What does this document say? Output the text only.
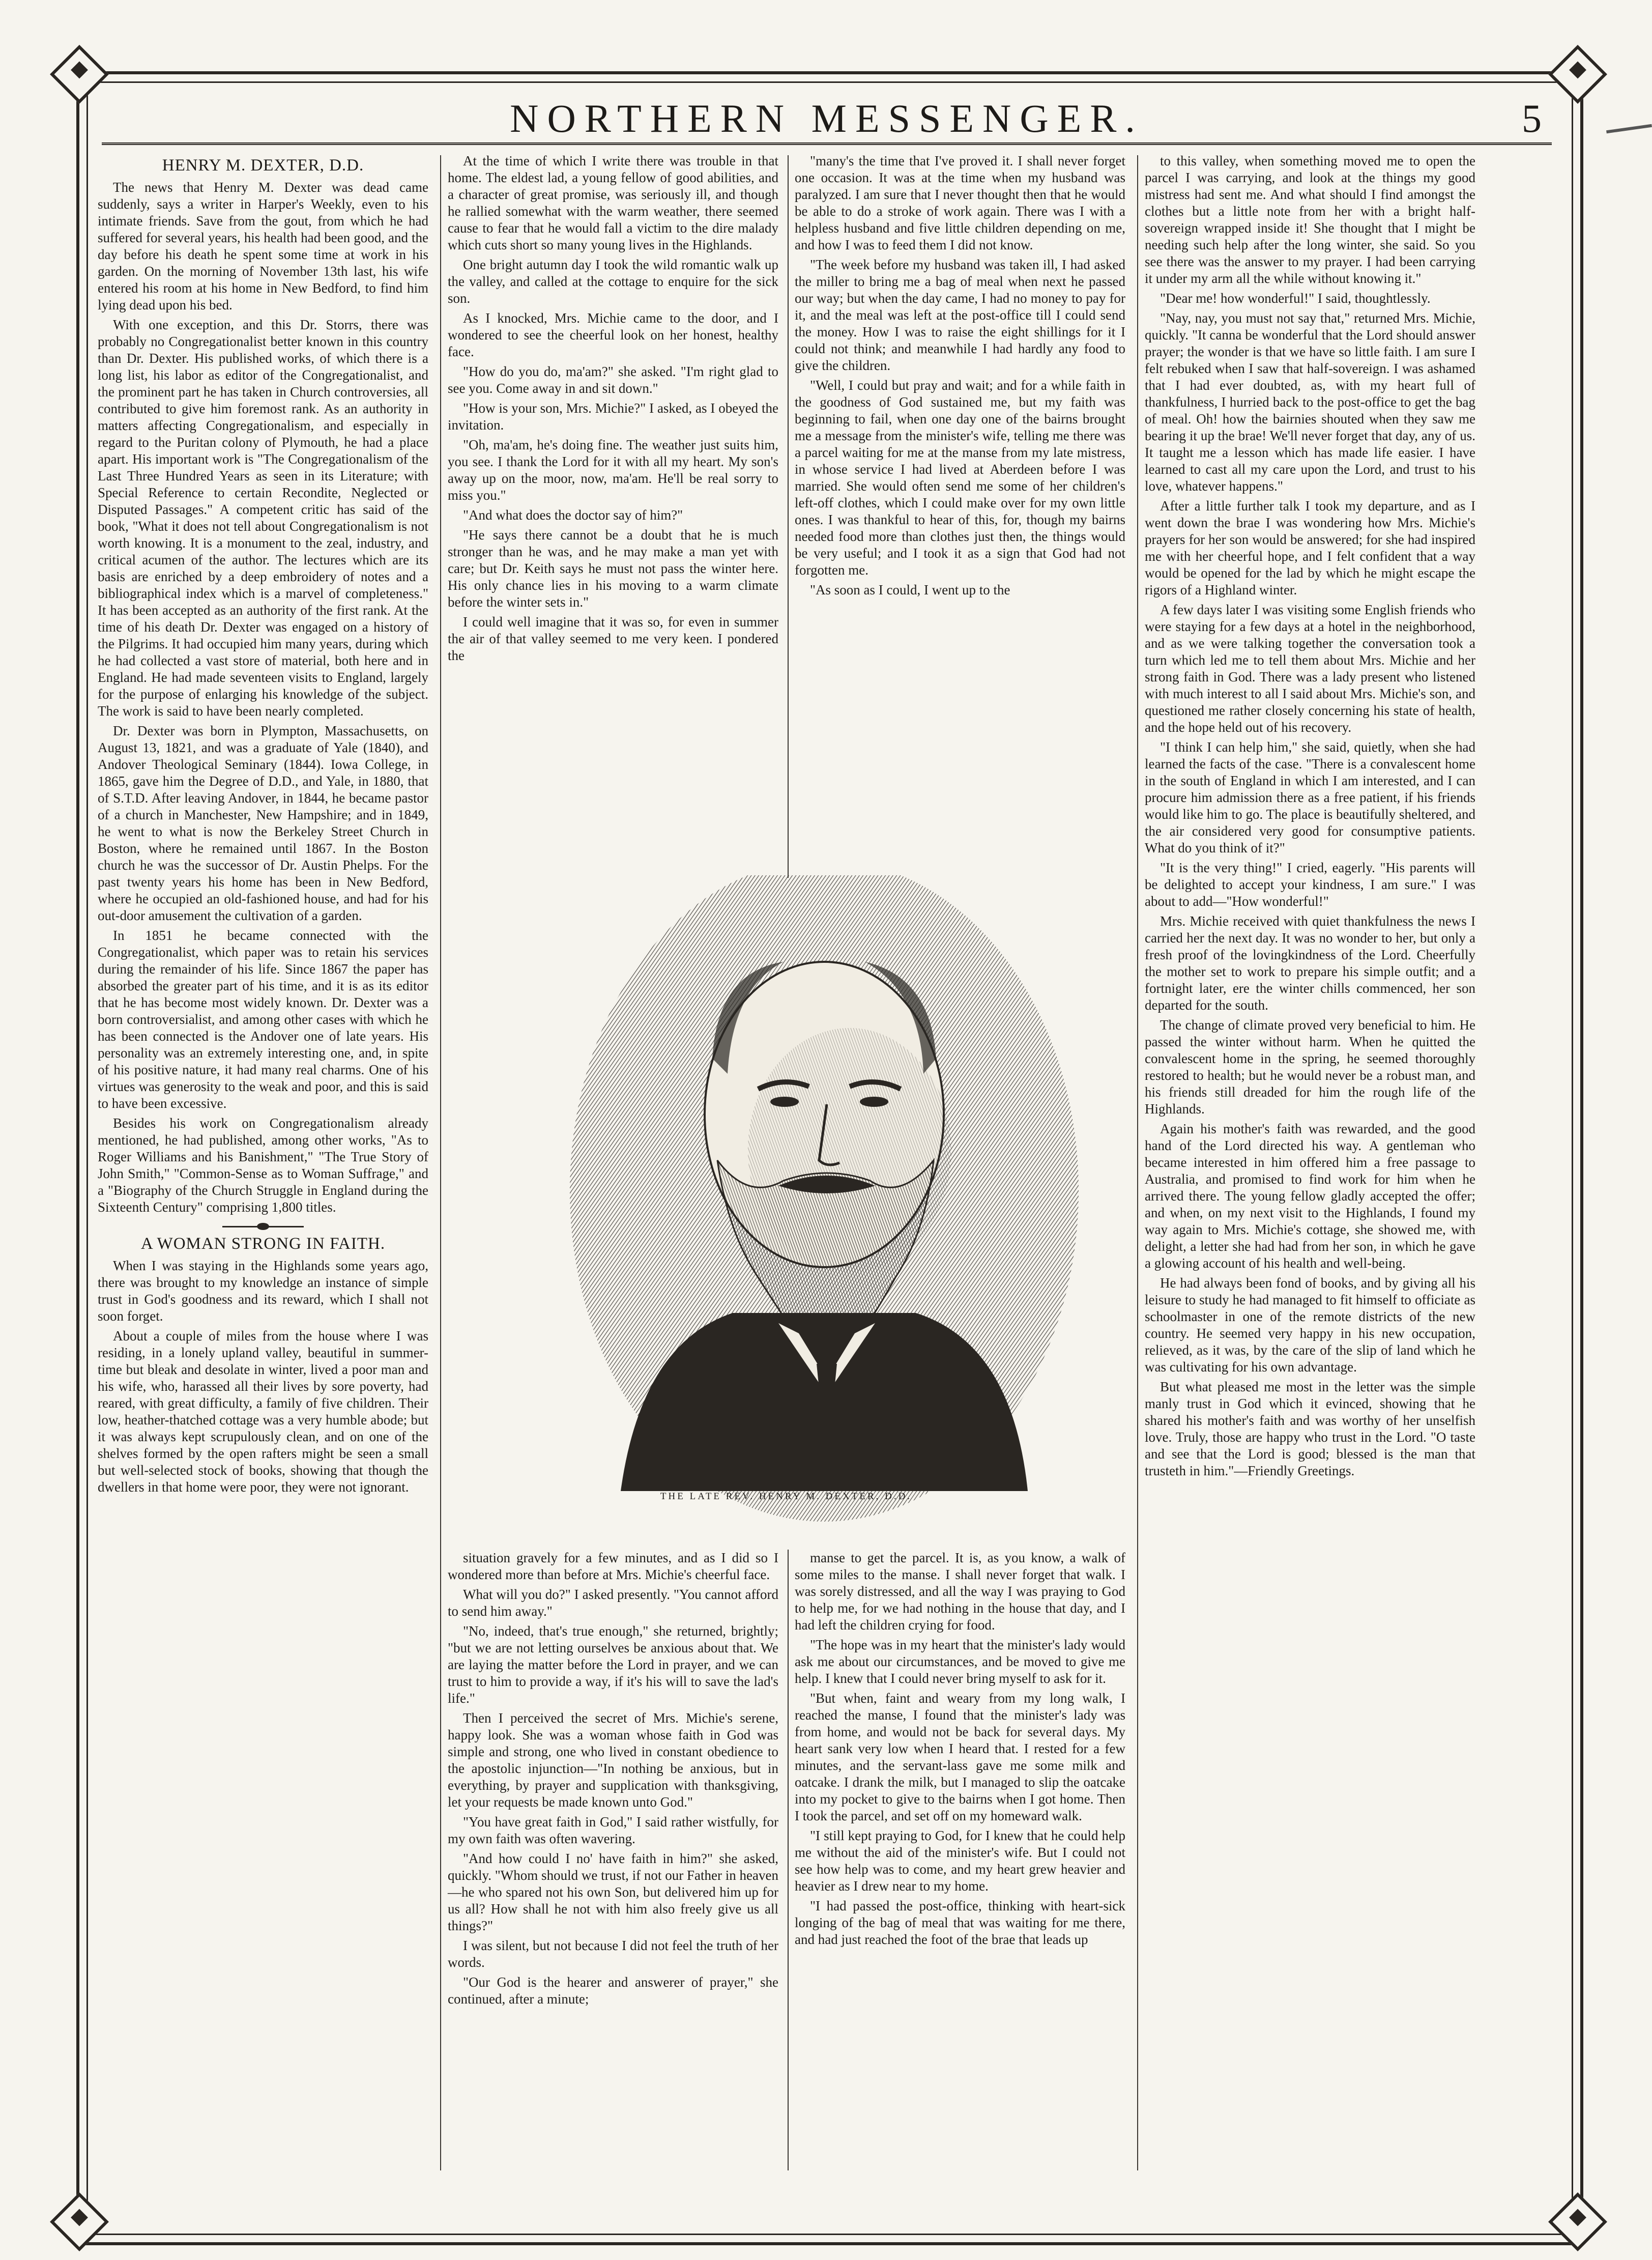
NORTHERN MESSENGER.	5
HENRY M. DEXTER, D.D.

The news that Henry M. Dexter was dead came suddenly, says a writer in Harper's Weekly, even to his intimate friends. Save from the gout, from which he had suffered for several years, his health had been good, and the day before his death he spent some time at work in his garden. On the morning of November 13th last, his wife entered his room at his home in New Bedford, to find him lying dead upon his bed.

With one exception, and this Dr. Storrs, there was probably no Congregationalist better known in this country than Dr. Dexter. His published works, of which there is a long list, his labor as editor of the Congregationalist, and the prominent part he has taken in Church controversies, all contributed to give him foremost rank. As an authority in matters affecting Congregationalism, and especially in regard to the Puritan colony of Plymouth, he had a place apart. His important work is "The Congregationalism of the Last Three Hundred Years as seen in its Literature; with Special Reference to certain Recondite, Neglected or Disputed Passages." A competent critic has said of the book, "What it does not tell about Congregationalism is not worth knowing. It is a monument to the zeal, industry, and critical acumen of the author. The lectures which are its basis are enriched by a deep embroidery of notes and a bibliographical index which is a marvel of completeness." It has been accepted as an authority of the first rank. At the time of his death Dr. Dexter was engaged on a history of the Pilgrims. It had occupied him many years, during which he had collected a vast store of material, both here and in England. He had made seventeen visits to England, largely for the purpose of enlarging his knowledge of the subject. The work is said to have been nearly completed.

Dr. Dexter was born in Plympton, Massachusetts, on August 13, 1821, and was a graduate of Yale (1840), and Andover Theological Seminary (1844). Iowa College, in 1865, gave him the Degree of D.D., and Yale, in 1880, that of S.T.D. After leaving Andover, in 1844, he became pastor of a church in Manchester, New Hampshire; and in 1849, he went to what is now the Berkeley Street Church in Boston, where he remained until 1867. In the Boston church he was the successor of Dr. Austin Phelps. For the past twenty years his home has been in New Bedford, where he occupied an old-fashioned house, and had for his out-door amusement the cultivation of a garden.

In 1851 he became connected with the Congregationalist, which paper was to retain his services during the remainder of his life. Since 1867 the paper has absorbed the greater part of his time, and it is as its editor that he has become most widely known. Dr. Dexter was a born controversialist, and among other cases with which he has been connected is the Andover one of late years. His personality was an extremely interesting one, and, in spite of his positive nature, it had many real charms. One of his virtues was generosity to the weak and poor, and this is said to have been excessive.

Besides his work on Congregationalism already mentioned, he had published, among other works, "As to Roger Williams and his Banishment," "The True Story of John Smith," "Common-Sense as to Woman Suffrage," and a "Biography of the Church Struggle in England during the Sixteenth Century" comprising 1,800 titles.

A WOMAN STRONG IN FAITH.

When I was staying in the Highlands some years ago, there was brought to my knowledge an instance of simple trust in God's goodness and its reward, which I shall not soon forget.

About a couple of miles from the house where I was residing, in a lonely upland valley, beautiful in summer-time but bleak and desolate in winter, lived a poor man and his wife, who, harassed all their lives by sore poverty, had reared, with great difficulty, a family of five children. Their low, heather-thatched cottage was a very humble abode; but it was always kept scrupulously clean, and on one of the shelves formed by the open rafters might be seen a small but well-selected stock of books, showing that though the dwellers in that home were poor, they were not ignorant.

At the time of which I write there was trouble in that home. The eldest lad, a young fellow of good abilities, and a character of great promise, was seriously ill, and though he rallied somewhat with the warm weather, there seemed cause to fear that he would fall a victim to the dire malady which cuts short so many young lives in the Highlands.

One bright autumn day I took the wild romantic walk up the valley, and called at the cottage to enquire for the sick son.

As I knocked, Mrs. Michie came to the door, and I wondered to see the cheerful look on her honest, healthy face.

"How do you do, ma'am?" she asked. "I'm right glad to see you. Come away in and sit down."

"How is your son, Mrs. Michie?" I asked, as I obeyed the invitation.

"Oh, ma'am, he's doing fine. The weather just suits him, you see. I thank the Lord for it with all my heart. My son's away up on the moor, now, ma'am. He'll be real sorry to miss you."

"And what does the doctor say of him?"

"He says there cannot be a doubt that he is much stronger than he was, and he may make a man yet with care; but Dr. Keith says he must not pass the winter here. His only chance lies in his moving to a warm climate before the winter sets in."

I could well imagine that it was so, for even in summer the air of that valley seemed to me very keen. I pondered the

"many's the time that I've proved it. I shall never forget one occasion. It was at the time when my husband was paralyzed. I am sure that I never thought then that he would be able to do a stroke of work again. There was I with a helpless husband and five little children depending on me, and how I was to feed them I did not know.

"The week before my husband was taken ill, I had asked the miller to bring me a bag of meal when next he passed our way; but when the day came, I had no money to pay for it, and the meal was left at the post-office till I could send the money. How I was to raise the eight shillings for it I could not think; and meanwhile I had hardly any food to give the children.

"Well, I could but pray and wait; and for a while faith in the goodness of God sustained me, but my faith was beginning to fail, when one day one of the bairns brought me a message from the minister's wife, telling me there was a parcel waiting for me at the manse from my late mistress, in whose service I had lived at Aberdeen before I was married. She would often send me some of her children's left-off clothes, which I could make over for my own little ones. I was thankful to hear of this, for, though my bairns needed food more than clothes just then, the things would be very useful; and I took it as a sign that God had not forgotten me.

"As soon as I could, I went up to the

to this valley, when something moved me to open the parcel I was carrying, and look at the things my good mistress had sent me. And what should I find amongst the clothes but a little note from her with a bright half-sovereign wrapped inside it! She thought that I might be needing such help after the long winter, she said. So you see there was the answer to my prayer. I had been carrying it under my arm all the while without knowing it."

"Dear me! how wonderful!" I said, thoughtlessly.

"Nay, nay, you must not say that," returned Mrs. Michie, quickly. "It canna be wonderful that the Lord should answer prayer; the wonder is that we have so little faith. I am sure I felt rebuked when I saw that half-sovereign. I was ashamed that I had ever doubted, as, with my heart full of thankfulness, I hurried back to the post-office to get the bag of meal. Oh! how the bairnies shouted when they saw me bearing it up the brae! We'll never forget that day, any of us. It taught me a lesson which has made life easier. I have learned to cast all my care upon the Lord, and trust to his love, whatever happens."

After a little further talk I took my departure, and as I went down the brae I was wondering how Mrs. Michie's prayers for her son would be answered; for she had inspired me with her cheerful hope, and I felt confident that a way would be opened for the lad by which he might escape the rigors of a Highland winter.

A few days later I was visiting some English friends who were staying for a few days at a hotel in the neighborhood, and as we were talking together the conversation took a turn which led me to tell them about Mrs. Michie and her strong faith in God. There was a lady present who listened with much interest to all I said about Mrs. Michie's son, and questioned me rather closely concerning his state of health, and the hope held out of his recovery.

"I think I can help him," she said, quietly, when she had learned the facts of the case. "There is a convalescent home in the south of England in which I am interested, and I can procure him admission there as a free patient, if his friends would like him to go. The place is beautifully sheltered, and the air considered very good for consumptive patients. What do you think of it?"

"It is the very thing!" I cried, eagerly. "His parents will be delighted to accept your kindness, I am sure." I was about to add—"How wonderful!"

Mrs. Michie received with quiet thankfulness the news I carried her the next day. It was no wonder to her, but only a fresh proof of the lovingkindness of the Lord. Cheerfully the mother set to work to prepare his simple outfit; and a fortnight later, ere the winter chills commenced, her son departed for the south.

The change of climate proved very beneficial to him. He passed the winter without harm. When he quitted the convalescent home in the spring, he seemed thoroughly restored to health; but he would never be a robust man, and his friends still dreaded for him the rough life of the Highlands.

Again his mother's faith was rewarded, and the good hand of the Lord directed his way. A gentleman who became interested in him offered him a free passage to Australia, and promised to find work for him when he arrived there. The young fellow gladly accepted the offer; and when, on my next visit to the Highlands, I found my way again to Mrs. Michie's cottage, she showed me, with delight, a letter she had had from her son, in which he gave a glowing account of his health and well-being.

He had always been fond of books, and by giving all his leisure to study he had managed to fit himself to officiate as schoolmaster in one of the remote districts of the new country. He seemed very happy in his new occupation, relieved, as it was, by the care of the slip of land which he was cultivating for his own advantage.

But what pleased me most in the letter was the simple manly trust in God which it evinced, showing that he shared his mother's faith and was worthy of her unselfish love. Truly, those are happy who trust in the Lord. "O taste and see that the Lord is good; blessed is the man that trusteth in him."—Friendly Greetings.

THE LATE REV. HENRY M. DEXTER, D.D.

situation gravely for a few minutes, and as I did so I wondered more than before at Mrs. Michie's cheerful face.

What will you do?" I asked presently. "You cannot afford to send him away."

"No, indeed, that's true enough," she returned, brightly; "but we are not letting ourselves be anxious about that. We are laying the matter before the Lord in prayer, and we can trust to him to provide a way, if it's his will to save the lad's life."

Then I perceived the secret of Mrs. Michie's serene, happy look. She was a woman whose faith in God was simple and strong, one who lived in constant obedience to the apostolic injunction—"In nothing be anxious, but in everything, by prayer and supplication with thanksgiving, let your requests be made known unto God."

"You have great faith in God," I said rather wistfully, for my own faith was often wavering.

"And how could I no' have faith in him?" she asked, quickly. "Whom should we trust, if not our Father in heaven—he who spared not his own Son, but delivered him up for us all? How shall he not with him also freely give us all things?"

I was silent, but not because I did not feel the truth of her words.

"Our God is the hearer and answerer of prayer," she continued, after a minute;

manse to get the parcel. It is, as you know, a walk of some miles to the manse. I shall never forget that walk. I was sorely distressed, and all the way I was praying to God to help me, for we had nothing in the house that day, and I had left the children crying for food.

"The hope was in my heart that the minister's lady would ask me about our circumstances, and be moved to give me help. I knew that I could never bring myself to ask for it.

"But when, faint and weary from my long walk, I reached the manse, I found that the minister's lady was from home, and would not be back for several days. My heart sank very low when I heard that. I rested for a few minutes, and the servant-lass gave me some milk and oatcake. I drank the milk, but I managed to slip the oatcake into my pocket to give to the bairns when I got home. Then I took the parcel, and set off on my homeward walk.

"I still kept praying to God, for I knew that he could help me without the aid of the minister's wife. But I could not see how help was to come, and my heart grew heavier and heavier as I drew near to my home.

"I had passed the post-office, thinking with heart-sick longing of the bag of meal that was waiting for me there, and had just reached the foot of the brae that leads up
